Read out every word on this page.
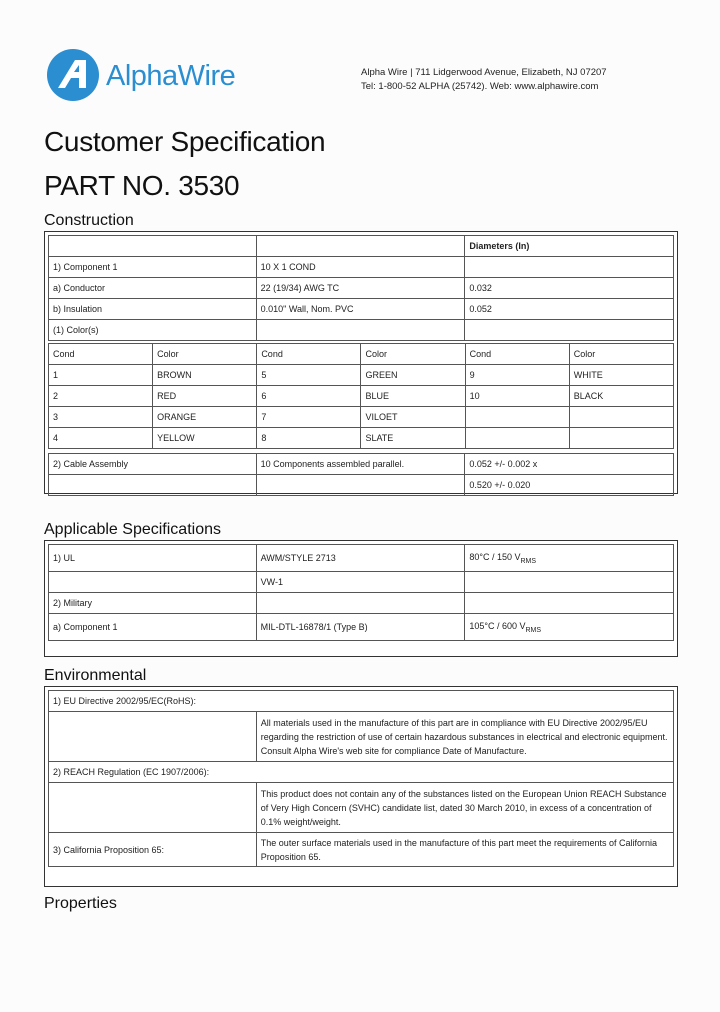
AlphaWire	Alpha Wire | 711 Lidgerwood Avenue, Elizabeth, NJ 07207
Tel: 1-800-52 ALPHA (25742). Web: www.alphawire.com
Customer Specification
PART NO. 3530
Construction
		Diameters (In)
1) Component 1	10 X 1 COND	
a) Conductor	22 (19/34) AWG TC	0.032
b) Insulation	0.010" Wall, Nom. PVC	0.052
(1) Color(s)		
Cond	Color	Cond	Color	Cond	Color
1	BROWN	5	GREEN	9	WHITE
2	RED	6	BLUE	10	BLACK
3	ORANGE	7	VILOET		
4	YELLOW	8	SLATE		
2) Cable Assembly	10 Components assembled parallel.	0.052 +/- 0.002 x
		0.520 +/- 0.020
Applicable Specifications
1) UL	AWM/STYLE 2713	80°C / 150 $V_{RMS}$
	VW-1	
2) Military		
a) Component 1	MIL-DTL-16878/1 (Type B)	105°C / 600 $V_{RMS}$
Environmental
1) EU Directive 2002/95/EC(RoHS):	
	All materials used in the manufacture of this part are in compliance with EU Directive 2002/95/EU regarding the restriction of use of certain hazardous substances in electrical and electronic equipment. Consult Alpha Wire's web site for compliance Date of Manufacture.
2) REACH Regulation (EC 1907/2006):	
	This product does not contain any of the substances listed on the European Union REACH Substance of Very High Concern (SVHC) candidate list, dated 30 March 2010, in excess of a concentration of 0.1% weight/weight.
3) California Proposition 65:	The outer surface materials used in the manufacture of this part meet the requirements of California Proposition 65.
Properties
